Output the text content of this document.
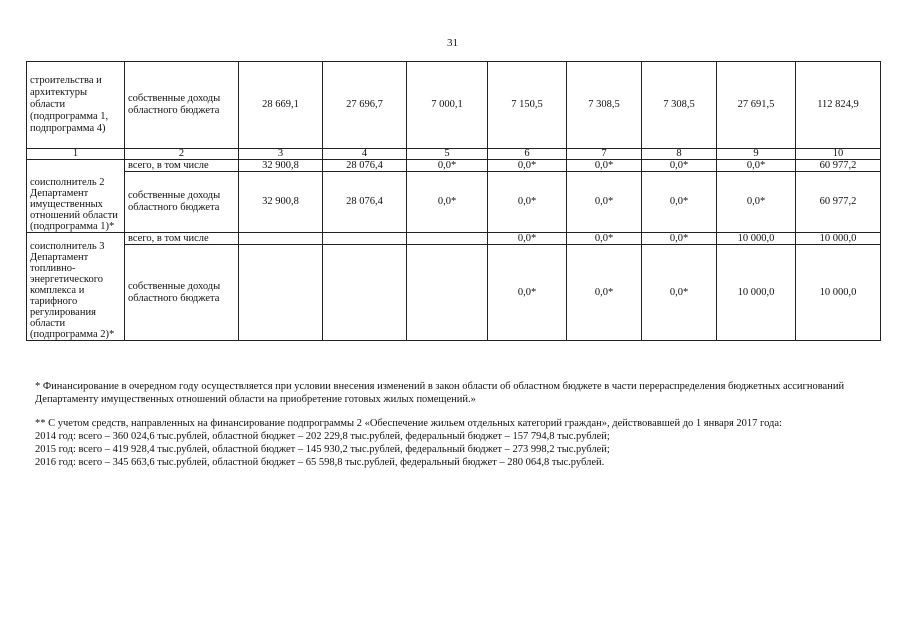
31
строительства и архитектуры области (подпрограмма 1, подпрограмма 4)	собственные доходы областного бюджета	28 669,1	27 696,7	7 000,1	7 150,5	7 308,5	7 308,5	27 691,5	112 824,9
1	2	3	4	5	6	7	8	9	10
соисполнитель 2 Департамент имущественных отношений области (подпрограмма 1)*	всего, в том числе	32 900,8	28 076,4	0,0*	0,0*	0,0*	0,0*	0,0*	60 977,2
	собственные доходы областного бюджета	32 900,8	28 076,4	0,0*	0,0*	0,0*	0,0*	0,0*	60 977,2
соисполнитель 3 Департамент топливно-энергетического комплекса и тарифного регулирования области (подпрограмма 2)*	всего, в том числе				0,0*	0,0*	0,0*	10 000,0	10 000,0
	собственные доходы областного бюджета				0,0*	0,0*	0,0*	10 000,0	10 000,0

* Финансирование в очередном году осуществляется при условии внесения изменений в закон области об областном бюджете в части перераспределения бюджетных ассигнований Департаменту имущественных отношений области на приобретение готовых жилых помещений.»

** С учетом средств, направленных на финансирование подпрограммы 2 «Обеспечение жильем отдельных категорий граждан», действовавшей до 1 января 2017 года:

2014 год: всего – 360 024,6 тыс.рублей, областной бюджет – 202 229,8 тыс.рублей, федеральный бюджет – 157 794,8 тыс.рублей;

2015 год: всего – 419 928,4 тыс.рублей, областной бюджет – 145 930,2 тыс.рублей, федеральный бюджет – 273 998,2 тыс.рублей;

2016 год: всего – 345 663,6 тыс.рублей, областной бюджет – 65 598,8 тыс.рублей, федеральный бюджет – 280 064,8 тыс.рублей.
